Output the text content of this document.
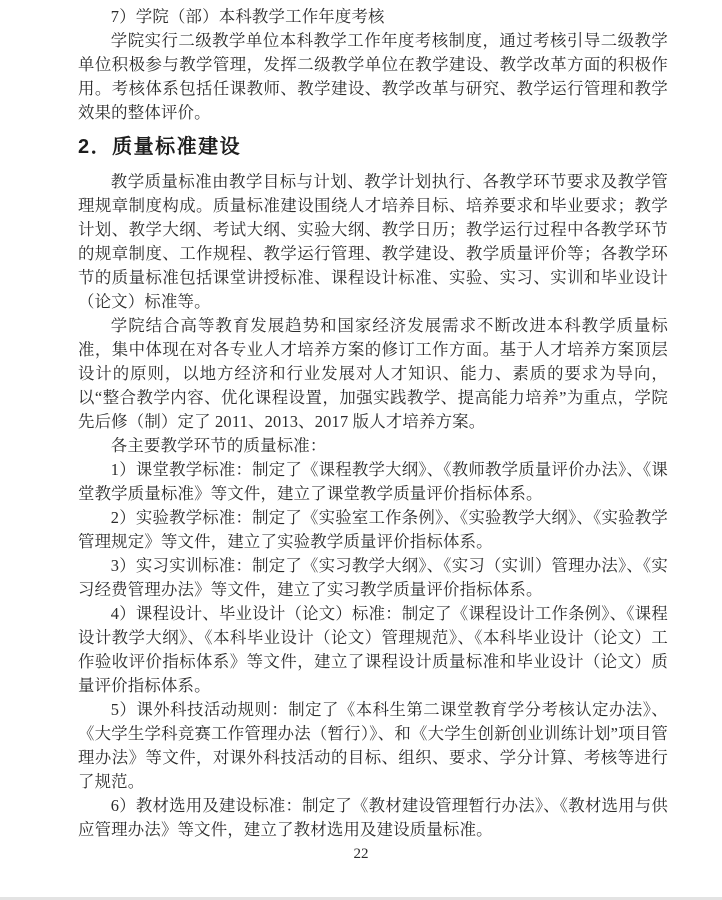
7）学院（部）本科教学工作年度考核

学院实行二级教学单位本科教学工作年度考核制度，通过考核引导二级教学单位积极参与教学管理，发挥二级教学单位在教学建设、教学改革方面的积极作用。考核体系包括任课教师、教学建设、教学改革与研究、教学运行管理和教学效果的整体评价。

2．质量标准建设

教学质量标准由教学目标与计划、教学计划执行、各教学环节要求及教学管理规章制度构成。质量标准建设围绕人才培养目标、培养要求和毕业要求；教学计划、教学大纲、考试大纲、实验大纲、教学日历；教学运行过程中各教学环节的规章制度、工作规程、教学运行管理、教学建设、教学质量评价等；各教学环节的质量标准包括课堂讲授标准、课程设计标准、实验、实习、实训和毕业设计（论文）标准等。

学院结合高等教育发展趋势和国家经济发展需求不断改进本科教学质量标准，集中体现在对各专业人才培养方案的修订工作方面。基于人才培养方案顶层设计的原则，以地方经济和行业发展对人才知识、能力、素质的要求为导向，以“整合教学内容、优化课程设置，加强实践教学、提高能力培养”为重点，学院先后修（制）定了 2011、2013、2017 版人才培养方案。

各主要教学环节的质量标准：

1）课堂教学标准：制定了《课程教学大纲》、《教师教学质量评价办法》、《课堂教学质量标准》等文件，建立了课堂教学质量评价指标体系。

2）实验教学标准：制定了《实验室工作条例》、《实验教学大纲》、《实验教学管理规定》等文件，建立了实验教学质量评价指标体系。

3）实习实训标准：制定了《实习教学大纲》、《实习（实训）管理办法》、《实习经费管理办法》等文件，建立了实习教学质量评价指标体系。

4）课程设计、毕业设计（论文）标准：制定了《课程设计工作条例》、《课程设计教学大纲》、《本科毕业设计（论文）管理规范》、《本科毕业设计（论文）工作验收评价指标体系》等文件，建立了课程设计质量标准和毕业设计（论文）质量评价指标体系。

5）课外科技活动规则：制定了《本科生第二课堂教育学分考核认定办法》、《大学生学科竞赛工作管理办法（暂行）》、和《大学生创新创业训练计划”项目管理办法》等文件，对课外科技活动的目标、组织、要求、学分计算、考核等进行了规范。

6）教材选用及建设标准：制定了《教材建设管理暂行办法》、《教材选用与供应管理办法》等文件，建立了教材选用及建设质量标准。

22
